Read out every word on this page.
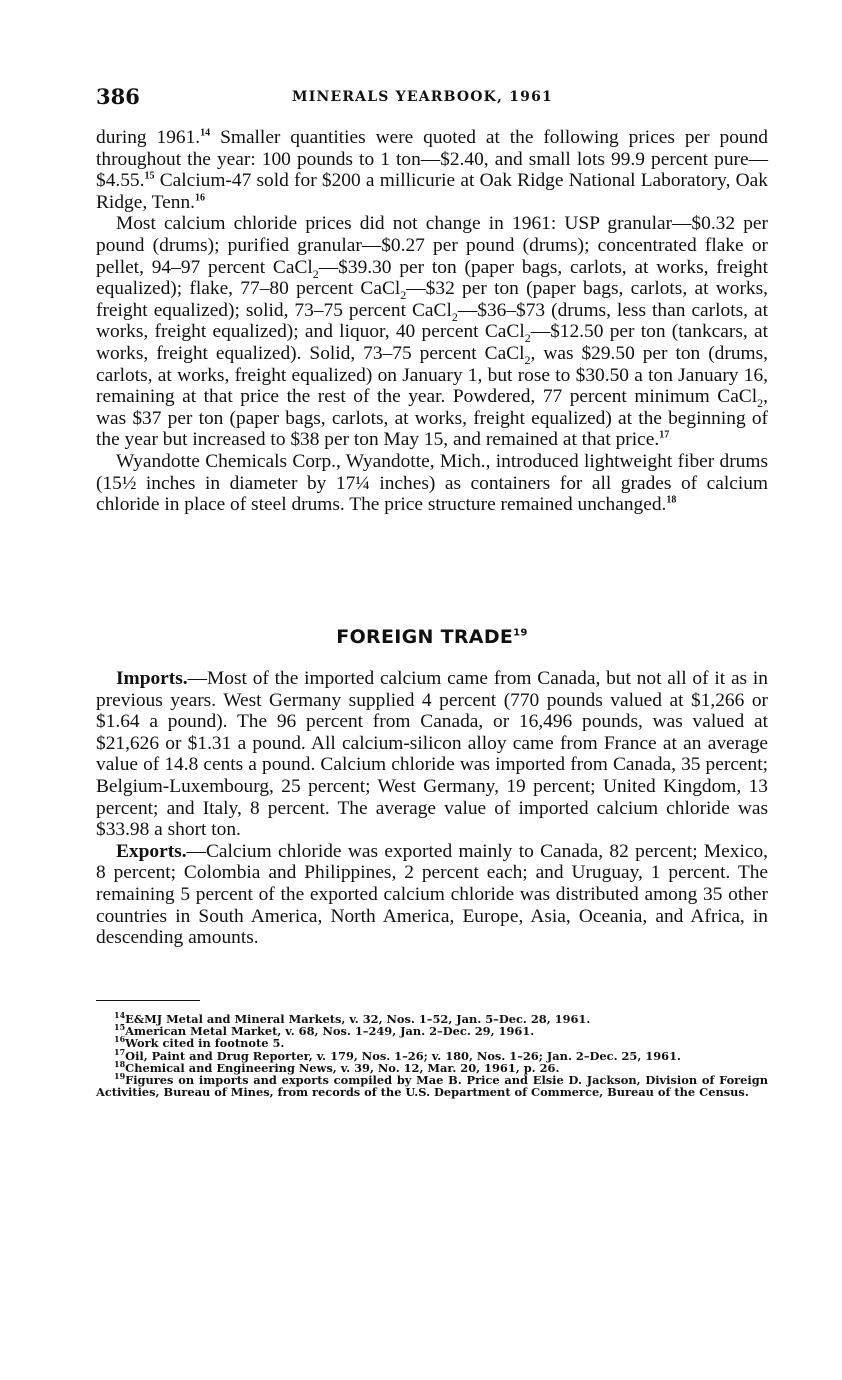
386	MINERALS YEARBOOK, 1961

during 1961.14 Smaller quantities were quoted at the following prices per pound throughout the year: 100 pounds to 1 ton—$2.40, and small lots 99.9 percent pure—$4.55.15 Calcium-47 sold for $200 a millicurie at Oak Ridge National Laboratory, Oak Ridge, Tenn.$^{16}$

Most calcium chloride prices did not change in 1961: USP granular—$0.32 per pound (drums); purified granular—$0.27 per pound (drums); concentrated flake or pellet, 94–97 percent CaCl$_2$—$39.30 per ton (paper bags, carlots, at works, freight equalized); flake, 77–80 percent CaCl$_2$—$32 per ton (paper bags, carlots, at works, freight equalized); solid, 73–75 percent CaCl$_2$—$36–$73 (drums, less than carlots, at works, freight equalized); and liquor, 40 percent CaCl$_2$—$12.50 per ton (tankcars, at works, freight equalized). Solid, 73–75 percent CaCl$_2$, was $29.50 per ton (drums, carlots, at works, freight equalized) on January 1, but rose to $30.50 a ton January 16, remaining at that price the rest of the year. Powdered, 77 percent minimum CaCl$_2$, was $37 per ton (paper bags, carlots, at works, freight equalized) at the beginning of the year but increased to $38 per ton May 15, and remained at that price.$^{17}$

Wyandotte Chemicals Corp., Wyandotte, Mich., introduced lightweight fiber drums (15½ inches in diameter by 17¼ inches) as containers for all grades of calcium chloride in place of steel drums. The price structure remained unchanged.$^{18}$

FOREIGN TRADE$^{19}$

Imports.—Most of the imported calcium came from Canada, but not all of it as in previous years. West Germany supplied 4 percent (770 pounds valued at $1,266 or $1.64 a pound). The 96 percent from Canada, or 16,496 pounds, was valued at $21,626 or $1.31 a pound. All calcium-silicon alloy came from France at an average value of 14.8 cents a pound. Calcium chloride was imported from Canada, 35 percent; Belgium-Luxembourg, 25 percent; West Germany, 19 percent; United Kingdom, 13 percent; and Italy, 8 percent. The average value of imported calcium chloride was $33.98 a short ton.

Exports.—Calcium chloride was exported mainly to Canada, 82 percent; Mexico, 8 percent; Colombia and Philippines, 2 percent each; and Uruguay, 1 percent. The remaining 5 percent of the exported calcium chloride was distributed among 35 other countries in South America, North America, Europe, Asia, Oceania, and Africa, in descending amounts.

$^{14}$E&MJ Metal and Mineral Markets, v. 32, Nos. 1–52, Jan. 5–Dec. 28, 1961.

$^{15}$American Metal Market, v. 68, Nos. 1–249, Jan. 2–Dec. 29, 1961.

$^{16}$Work cited in footnote 5.

$^{17}$Oil, Paint and Drug Reporter, v. 179, Nos. 1–26; v. 180, Nos. 1–26; Jan. 2–Dec. 25, 1961.

$^{18}$Chemical and Engineering News, v. 39, No. 12, Mar. 20, 1961, p. 26.

$^{19}$Figures on imports and exports compiled by Mae B. Price and Elsie D. Jackson, Division of Foreign Activities, Bureau of Mines, from records of the U.S. Department of Commerce, Bureau of the Census.
